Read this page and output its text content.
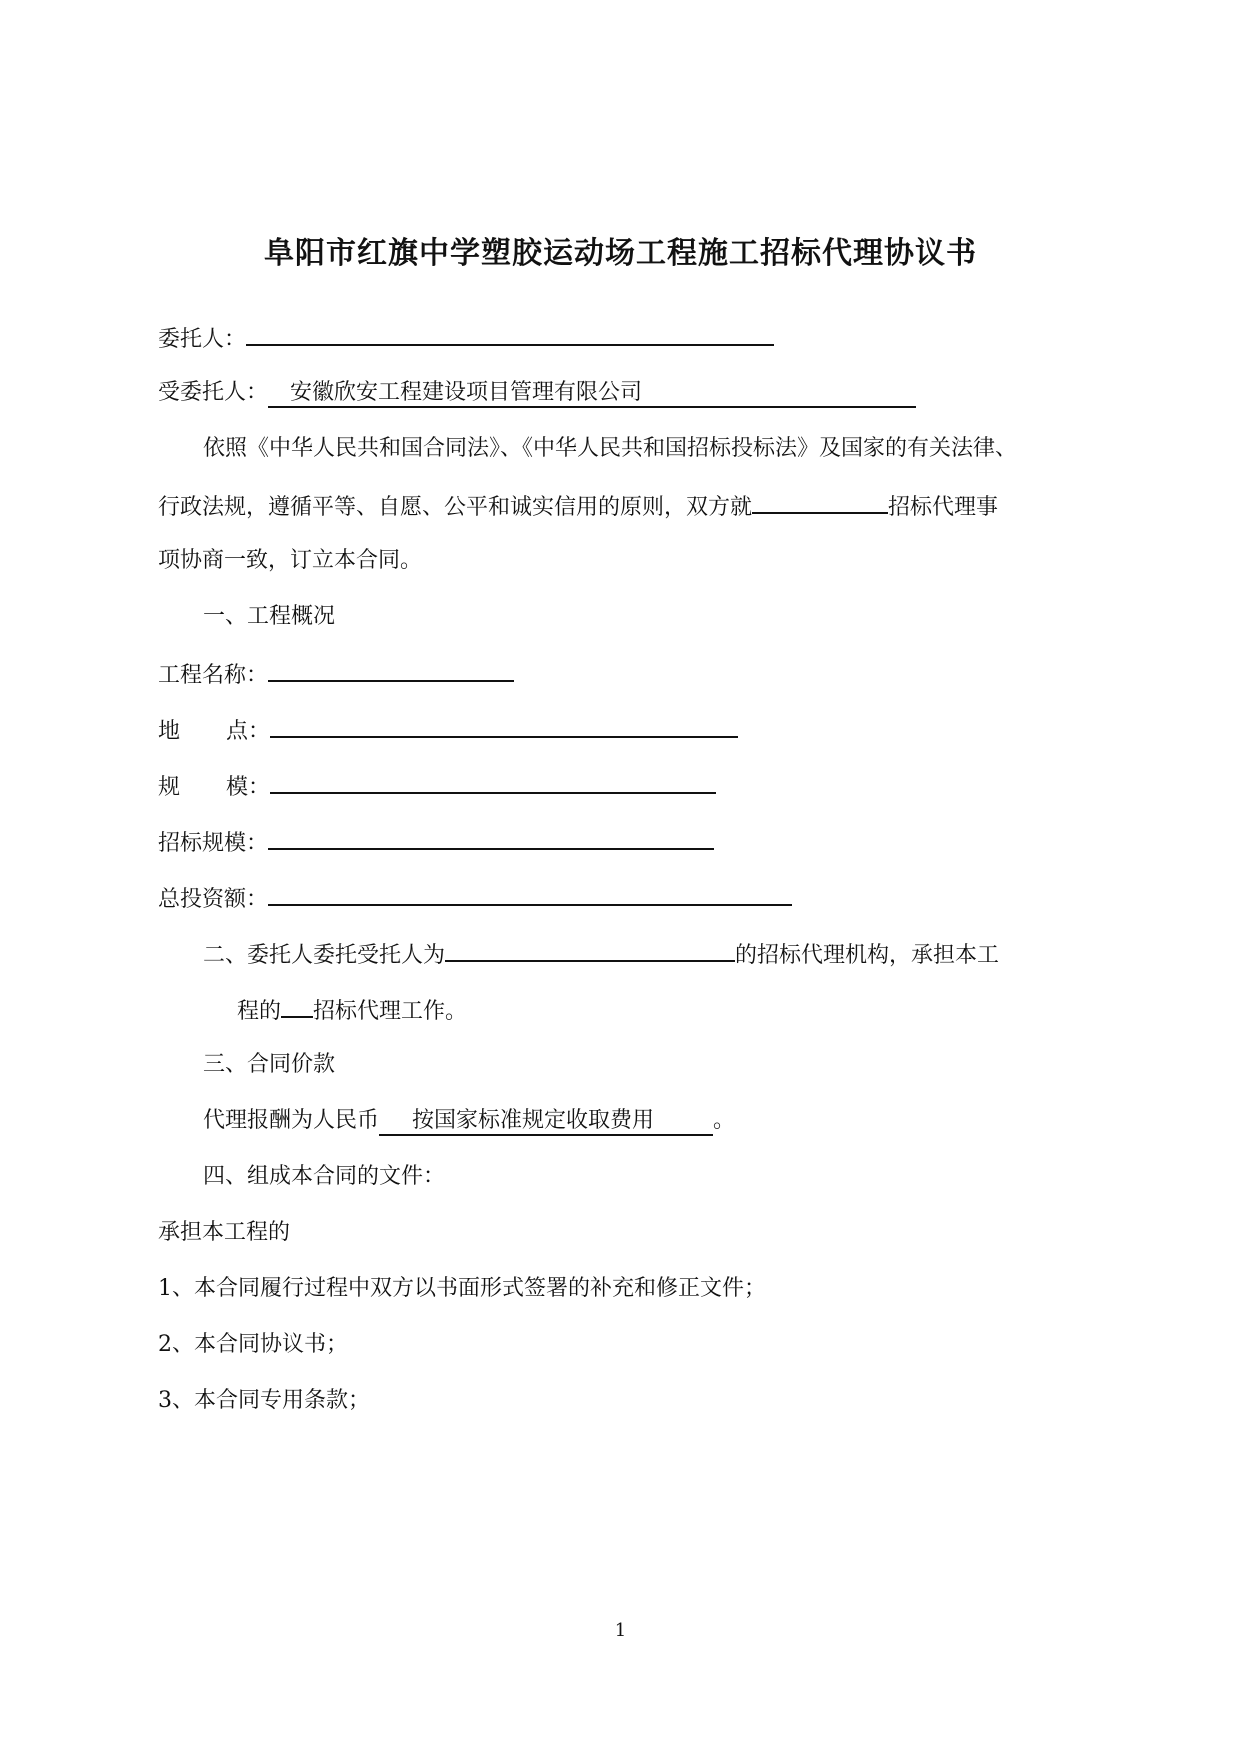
阜阳市红旗中学塑胶运动场工程施工招标代理协议书
委托人：
受委托人： 安徽欣安工程建设项目管理有限公司
依照《中华人民共和国合同法》、《中华人民共和国招标投标法》及国家的有关法律、
行政法规，遵循平等、自愿、公平和诚实信用的原则，双方就	招标代理事
项协商一致，订立本合同。
一、工程概况
工程名称：
地 点：
规 模：
招标规模：
总投资额：
二、委托人委托受托人为	的招标代理机构，承担本工
程的 招标代理工作。
三、合同价款
代理报酬为人民币 按国家标准规定收取费用	。
四、组成本合同的文件：
承担本工程的
1、本合同履行过程中双方以书面形式签署的补充和修正文件；
2、本合同协议书；
3、本合同专用条款；
1
